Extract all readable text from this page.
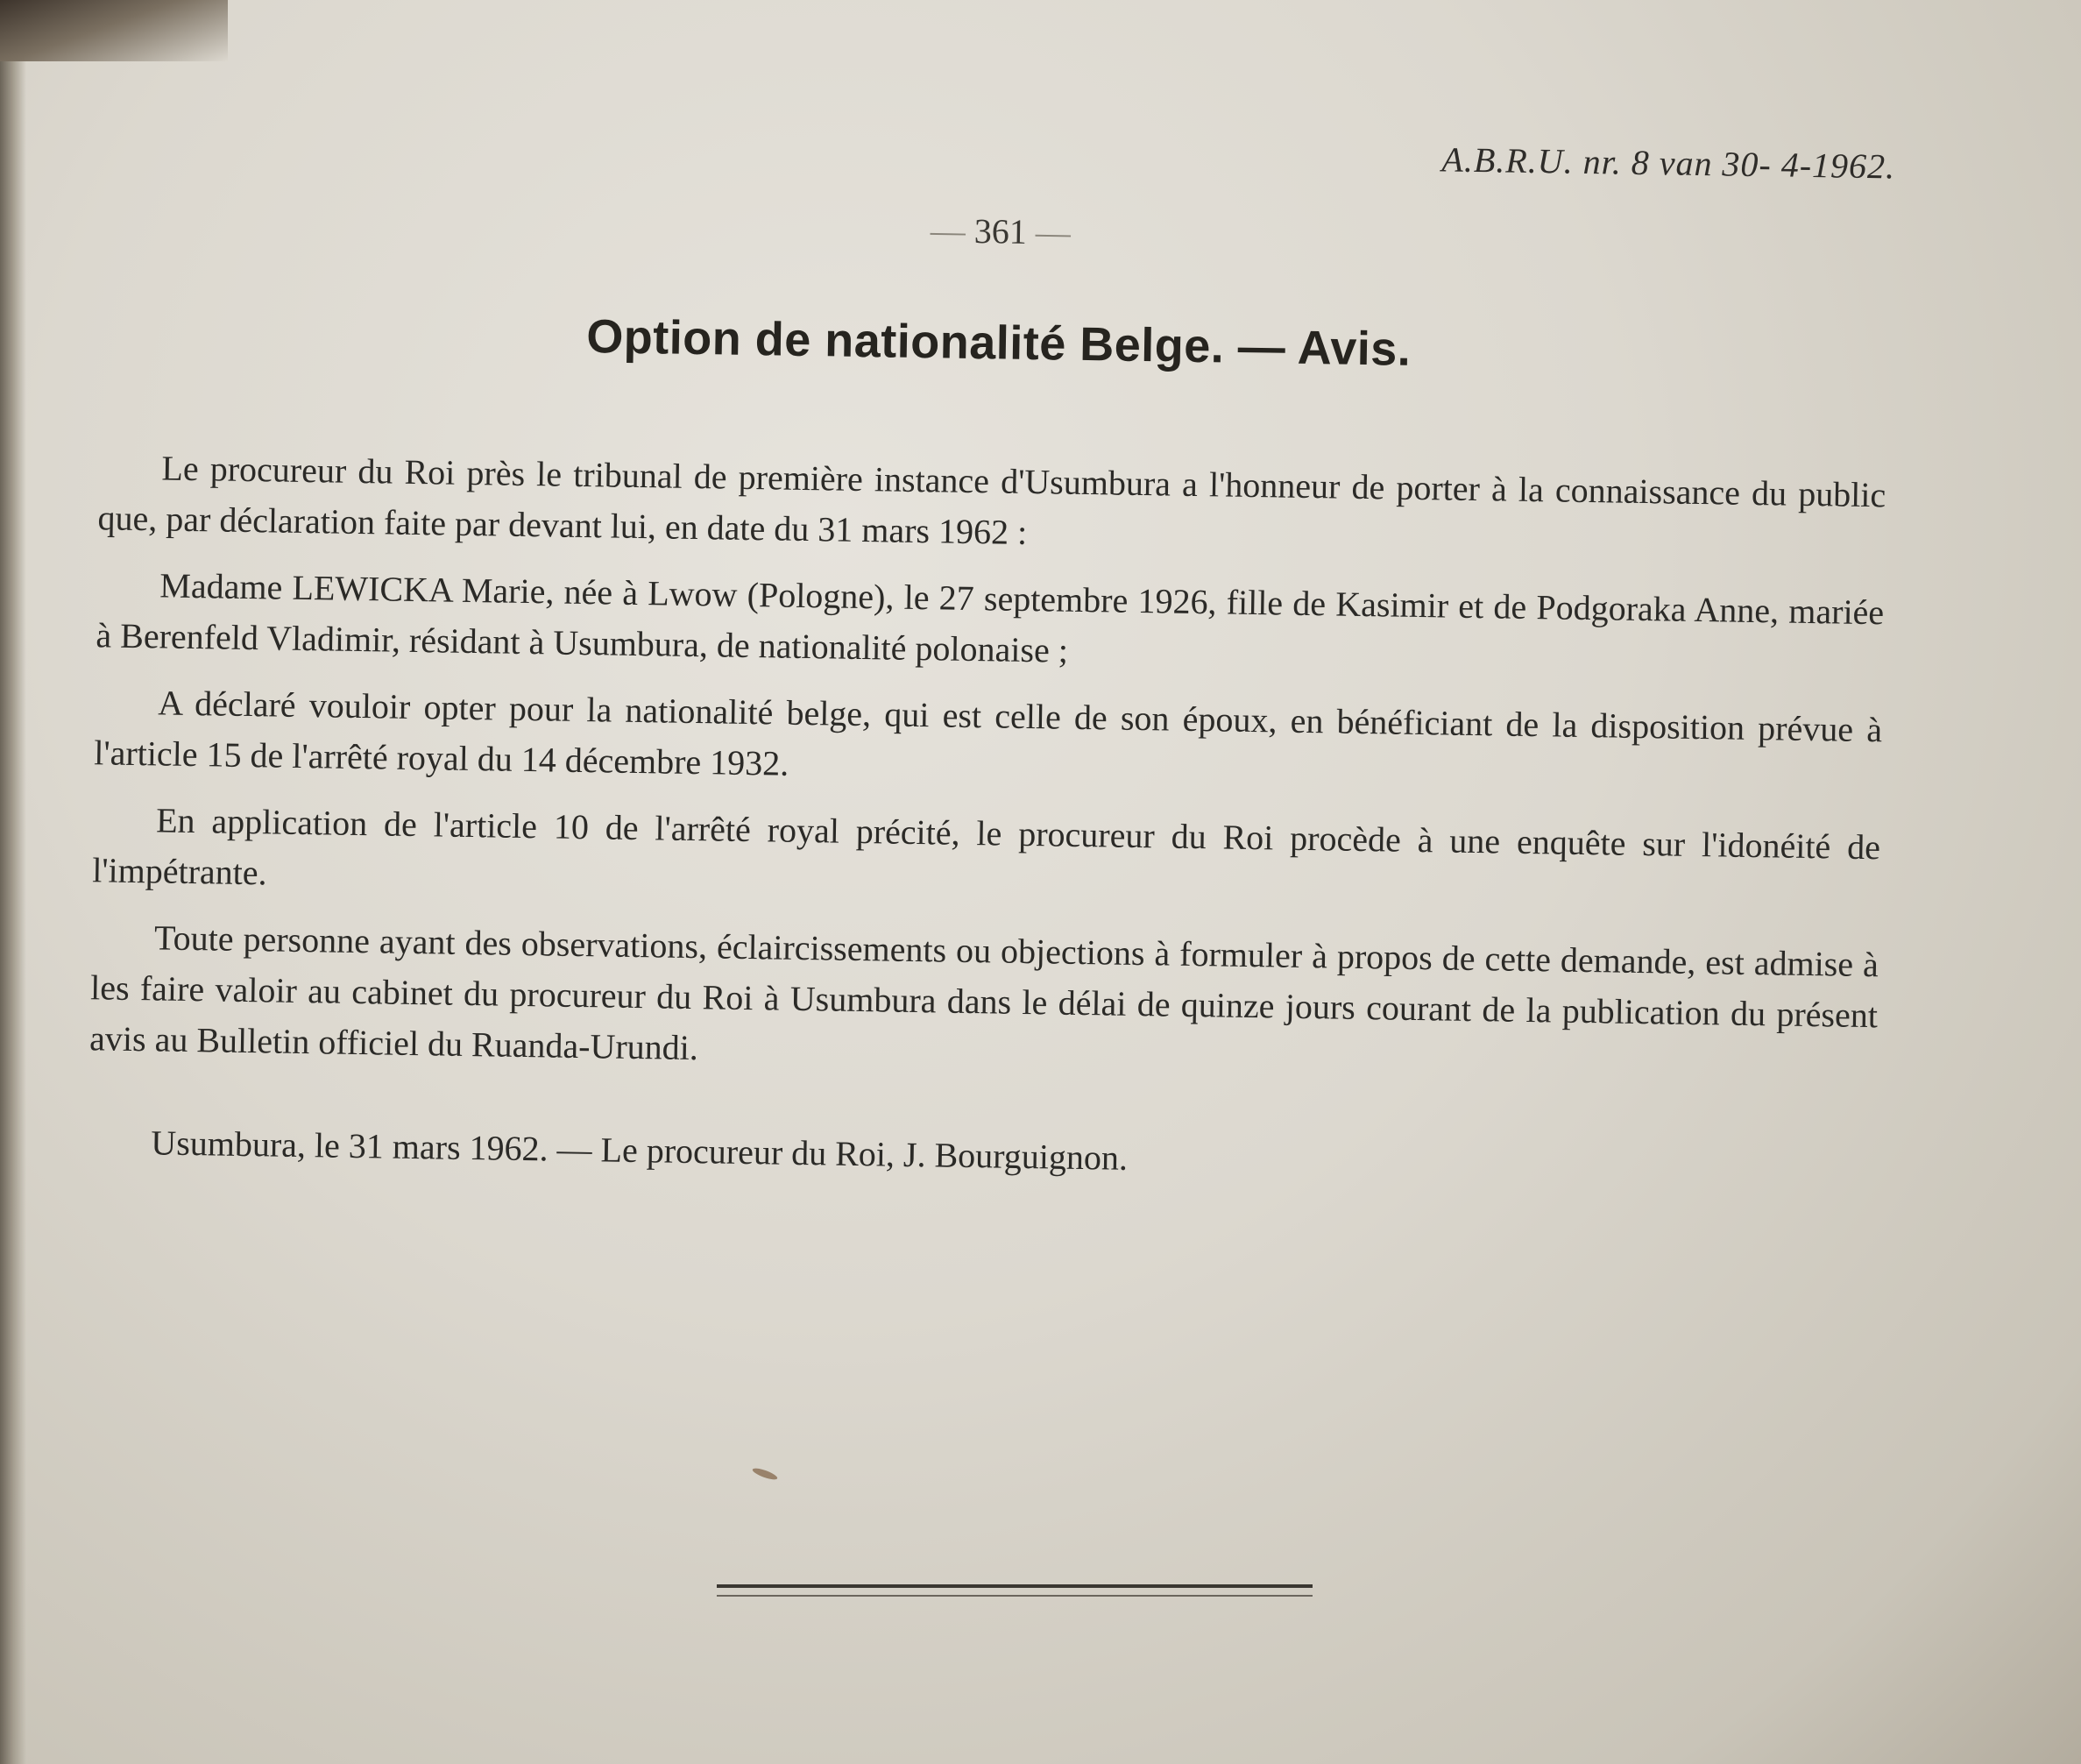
A.B.R.U. nr. 8 van 30- 4-1962.
— 361 —
Option de nationalité Belge. — Avis.

Le procureur du Roi près le tribunal de première instance d'Usumbura a l'honneur de porter à la connaissance du public que, par déclaration faite par devant lui, en date du 31 mars 1962 :

Madame LEWICKA Marie, née à Lwow (Pologne), le 27 septembre 1926, fille de Kasimir et de Podgoraka Anne, mariée à Berenfeld Vladimir, résidant à Usumbura, de nationalité polonaise ;

A déclaré vouloir opter pour la nationalité belge, qui est celle de son époux, en bénéficiant de la disposition prévue à l'article 15 de l'arrêté royal du 14 décembre 1932.

En application de l'article 10 de l'arrêté royal précité, le procureur du Roi procède à une enquête sur l'idonéité de l'impétrante.

Toute personne ayant des observations, éclaircissements ou objections à formuler à propos de cette demande, est admise à les faire valoir au cabinet du procureur du Roi à Usumbura dans le délai de quinze jours courant de la publication du présent avis au Bulletin officiel du Ruanda-Urundi.

Usumbura, le 31 mars 1962. — Le procureur du Roi, J. Bourguignon.
